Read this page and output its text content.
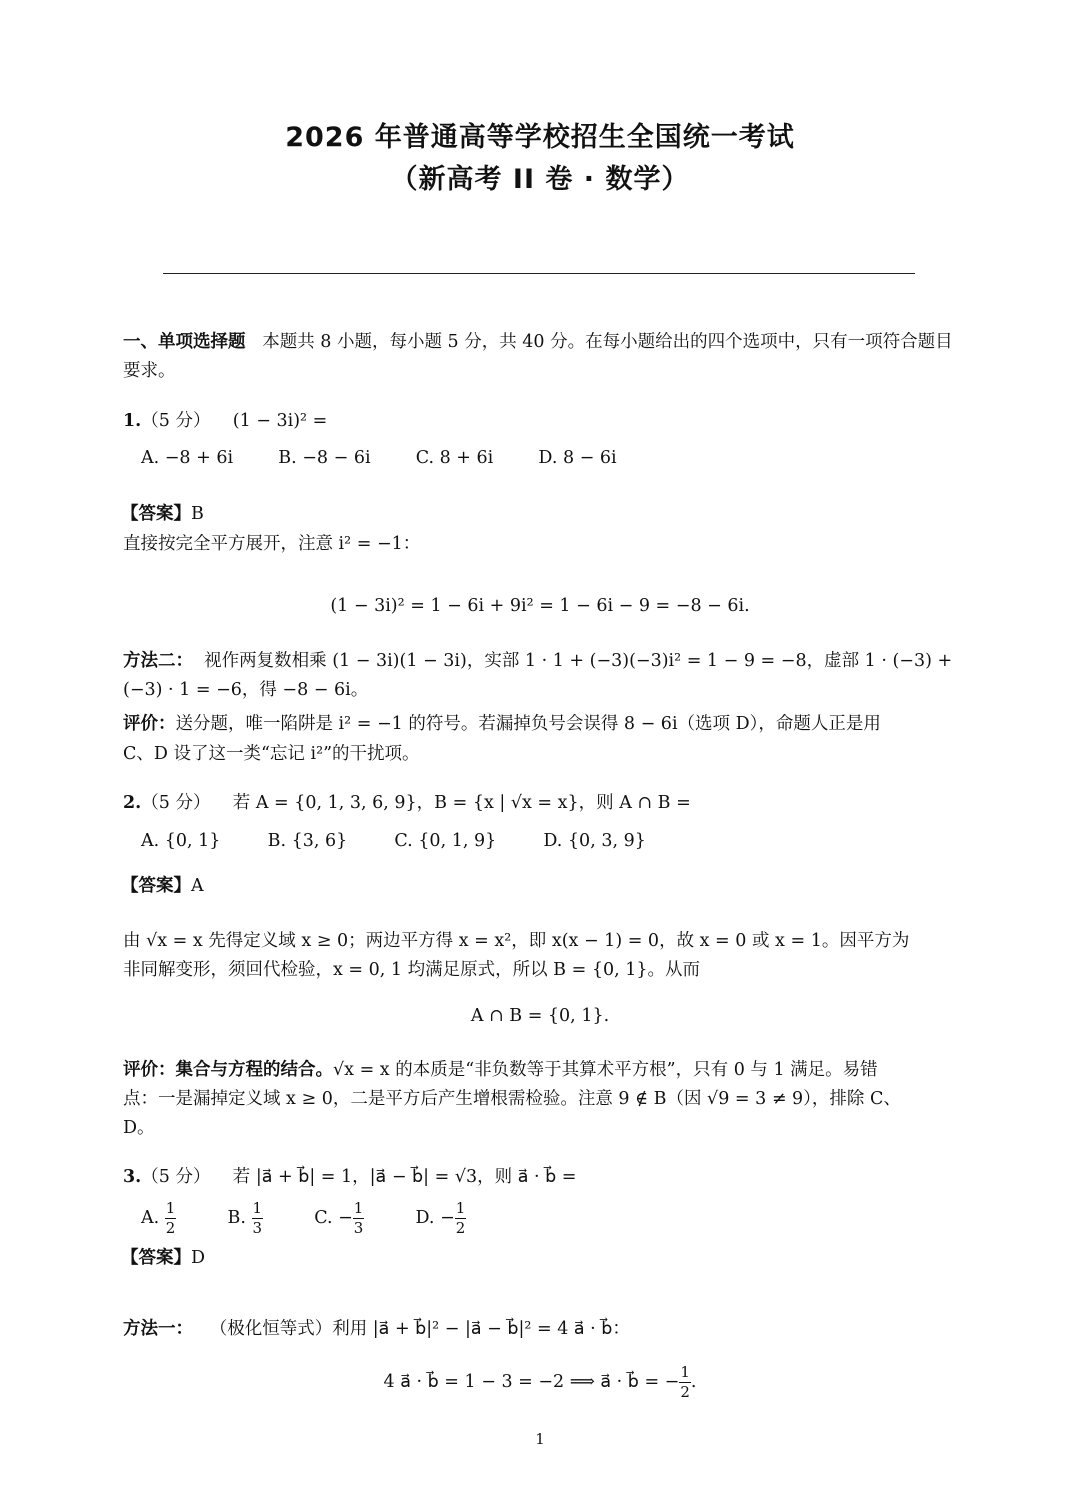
2026 年普通高等学校招生全国统一考试
（新高考 II 卷 · 数学）
一、单项选择题 本题共 8 小题，每小题 5 分，共 40 分。在每小题给出的四个选项中，只有一项符合题目
要求。
1.（5 分） (1 − 3i)² =
A. −8 + 6i	B. −8 − 6i	C. 8 + 6i	D. 8 − 6i
【答案】B
直接按完全平方展开，注意 i² = −1：
(1 − 3i)² = 1 − 6i + 9i² = 1 − 6i − 9 = −8 − 6i.
方法二： 视作两复数相乘 (1 − 3i)(1 − 3i)，实部 1 · 1 + (−3)(−3)i² = 1 − 9 = −8，虚部 1 · (−3) +
(−3) · 1 = −6，得 −8 − 6i。
评价：送分题，唯一陷阱是 i² = −1 的符号。若漏掉负号会误得 8 − 6i（选项 D），命题人正是用
C、D 设了这一类“忘记 i²”的干扰项。
2.（5 分） 若 A = {0, 1, 3, 6, 9}，B = {x | √x = x}，则 A ∩ B =
A. {0, 1}	B. {3, 6}	C. {0, 1, 9}	D. {0, 3, 9}
【答案】A
由 √x = x 先得定义域 x ≥ 0；两边平方得 x = x²，即 x(x − 1) = 0，故 x = 0 或 x = 1。因平方为
非同解变形，须回代检验，x = 0, 1 均满足原式，所以 B = {0, 1}。从而
A ∩ B = {0, 1}.
评价：集合与方程的结合。√x = x 的本质是“非负数等于其算术平方根”，只有 0 与 1 满足。易错
点：一是漏掉定义域 x ≥ 0，二是平方后产生增根需检验。注意 9 ∉ B（因 √9 = 3 ≠ 9），排除 C、
D。
3.（5 分） 若 |a⃗ + b⃗| = 1，|a⃗ − b⃗| = √3，则 a⃗ · b⃗ =
A. $\frac{1}{2}$	B. $\frac{1}{3}$	C. − $\frac{1}{3}$	D. − $\frac{1}{2}$
【答案】D
方法一： （极化恒等式）利用 |a⃗ + b⃗|² − |a⃗ − b⃗|² = 4 a⃗ · b⃗：
4 a⃗ · b⃗ = 1 − 3 = −2 ⟹ a⃗ · b⃗ = − $\frac{1}{2}$ .
1
